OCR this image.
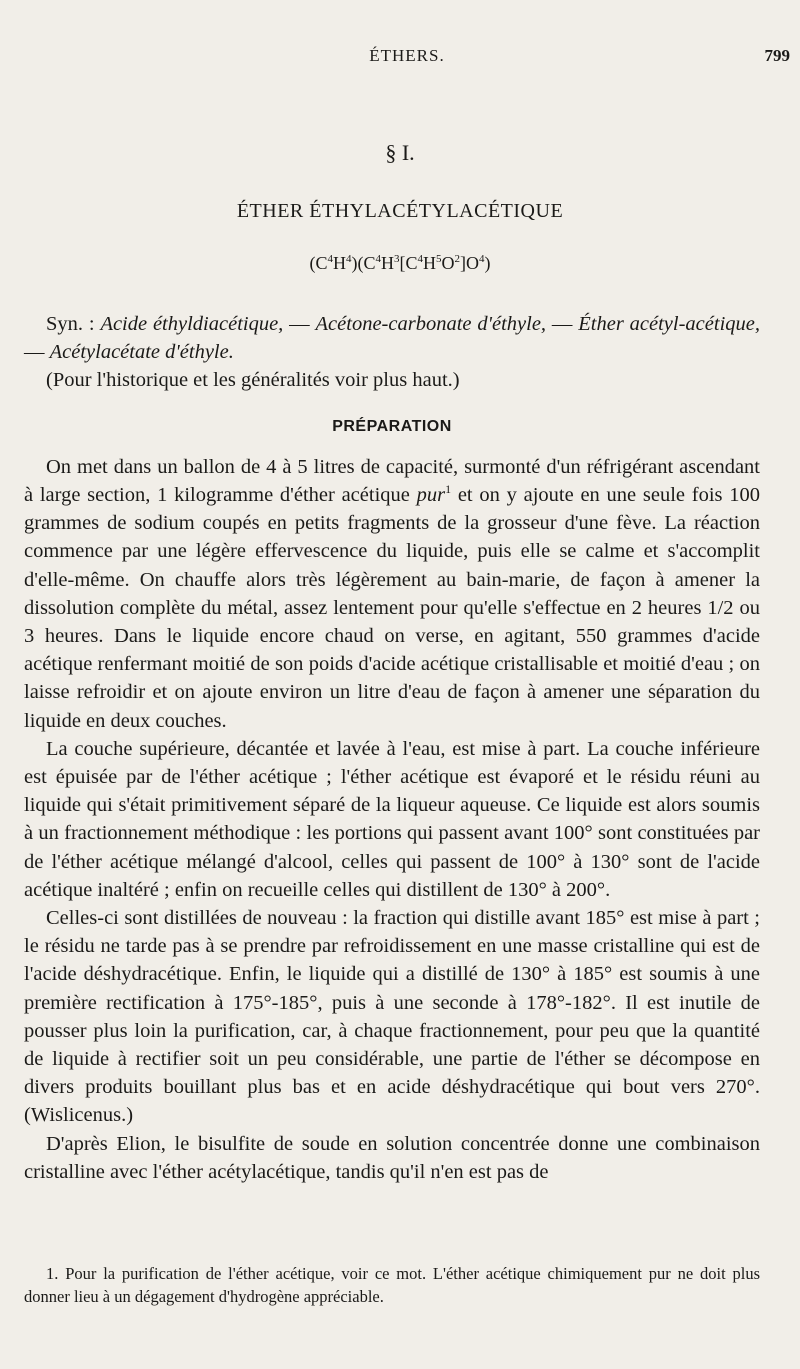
ÉTHERS.	799
§ I.
ÉTHER ÉTHYLACÉTYLACÉTIQUE
$(C^4H^4)(C^4H^3[C^4H^5O^2]O^4)$

Syn. : Acide éthyldiacétique, — Acétone-carbonate d'éthyle, — Éther acétyl-acétique, — Acétylacétate d'éthyle.

(Pour l'historique et les généralités voir plus haut.)

PRÉPARATION

On met dans un ballon de 4 à 5 litres de capacité, surmonté d'un réfrigérant ascendant à large section, 1 kilogramme d'éther acétique pur$^1$ et on y ajoute en une seule fois 100 grammes de sodium coupés en petits fragments de la grosseur d'une fève. La réaction commence par une légère effervescence du liquide, puis elle se calme et s'accomplit d'elle-même. On chauffe alors très légèrement au bain-marie, de façon à amener la dissolution complète du métal, assez lentement pour qu'elle s'effectue en 2 heures 1/2 ou 3 heures. Dans le liquide encore chaud on verse, en agitant, 550 grammes d'acide acétique renfermant moitié de son poids d'acide acétique cristallisable et moitié d'eau ; on laisse refroidir et on ajoute environ un litre d'eau de façon à amener une séparation du liquide en deux couches.

La couche supérieure, décantée et lavée à l'eau, est mise à part. La couche inférieure est épuisée par de l'éther acétique ; l'éther acétique est évaporé et le résidu réuni au liquide qui s'était primitivement séparé de la liqueur aqueuse. Ce liquide est alors soumis à un fractionnement méthodique : les portions qui passent avant 100° sont constituées par de l'éther acétique mélangé d'alcool, celles qui passent de 100° à 130° sont de l'acide acétique inaltéré ; enfin on recueille celles qui distillent de 130° à 200°.

Celles-ci sont distillées de nouveau : la fraction qui distille avant 185° est mise à part ; le résidu ne tarde pas à se prendre par refroidissement en une masse cristalline qui est de l'acide déshydracétique. Enfin, le liquide qui a distillé de 130° à 185° est soumis à une première rectification à 175°-185°, puis à une seconde à 178°-182°. Il est inutile de pousser plus loin la purification, car, à chaque fractionnement, pour peu que la quantité de liquide à rectifier soit un peu considérable, une partie de l'éther se décompose en divers produits bouillant plus bas et en acide déshydracétique qui bout vers 270°. (Wislicenus.)

D'après Elion, le bisulfite de soude en solution concentrée donne une combinaison cristalline avec l'éther acétylacétique, tandis qu'il n'en est pas de

1. Pour la purification de l'éther acétique, voir ce mot. L'éther acétique chimiquement pur ne doit plus donner lieu à un dégagement d'hydrogène appréciable.
